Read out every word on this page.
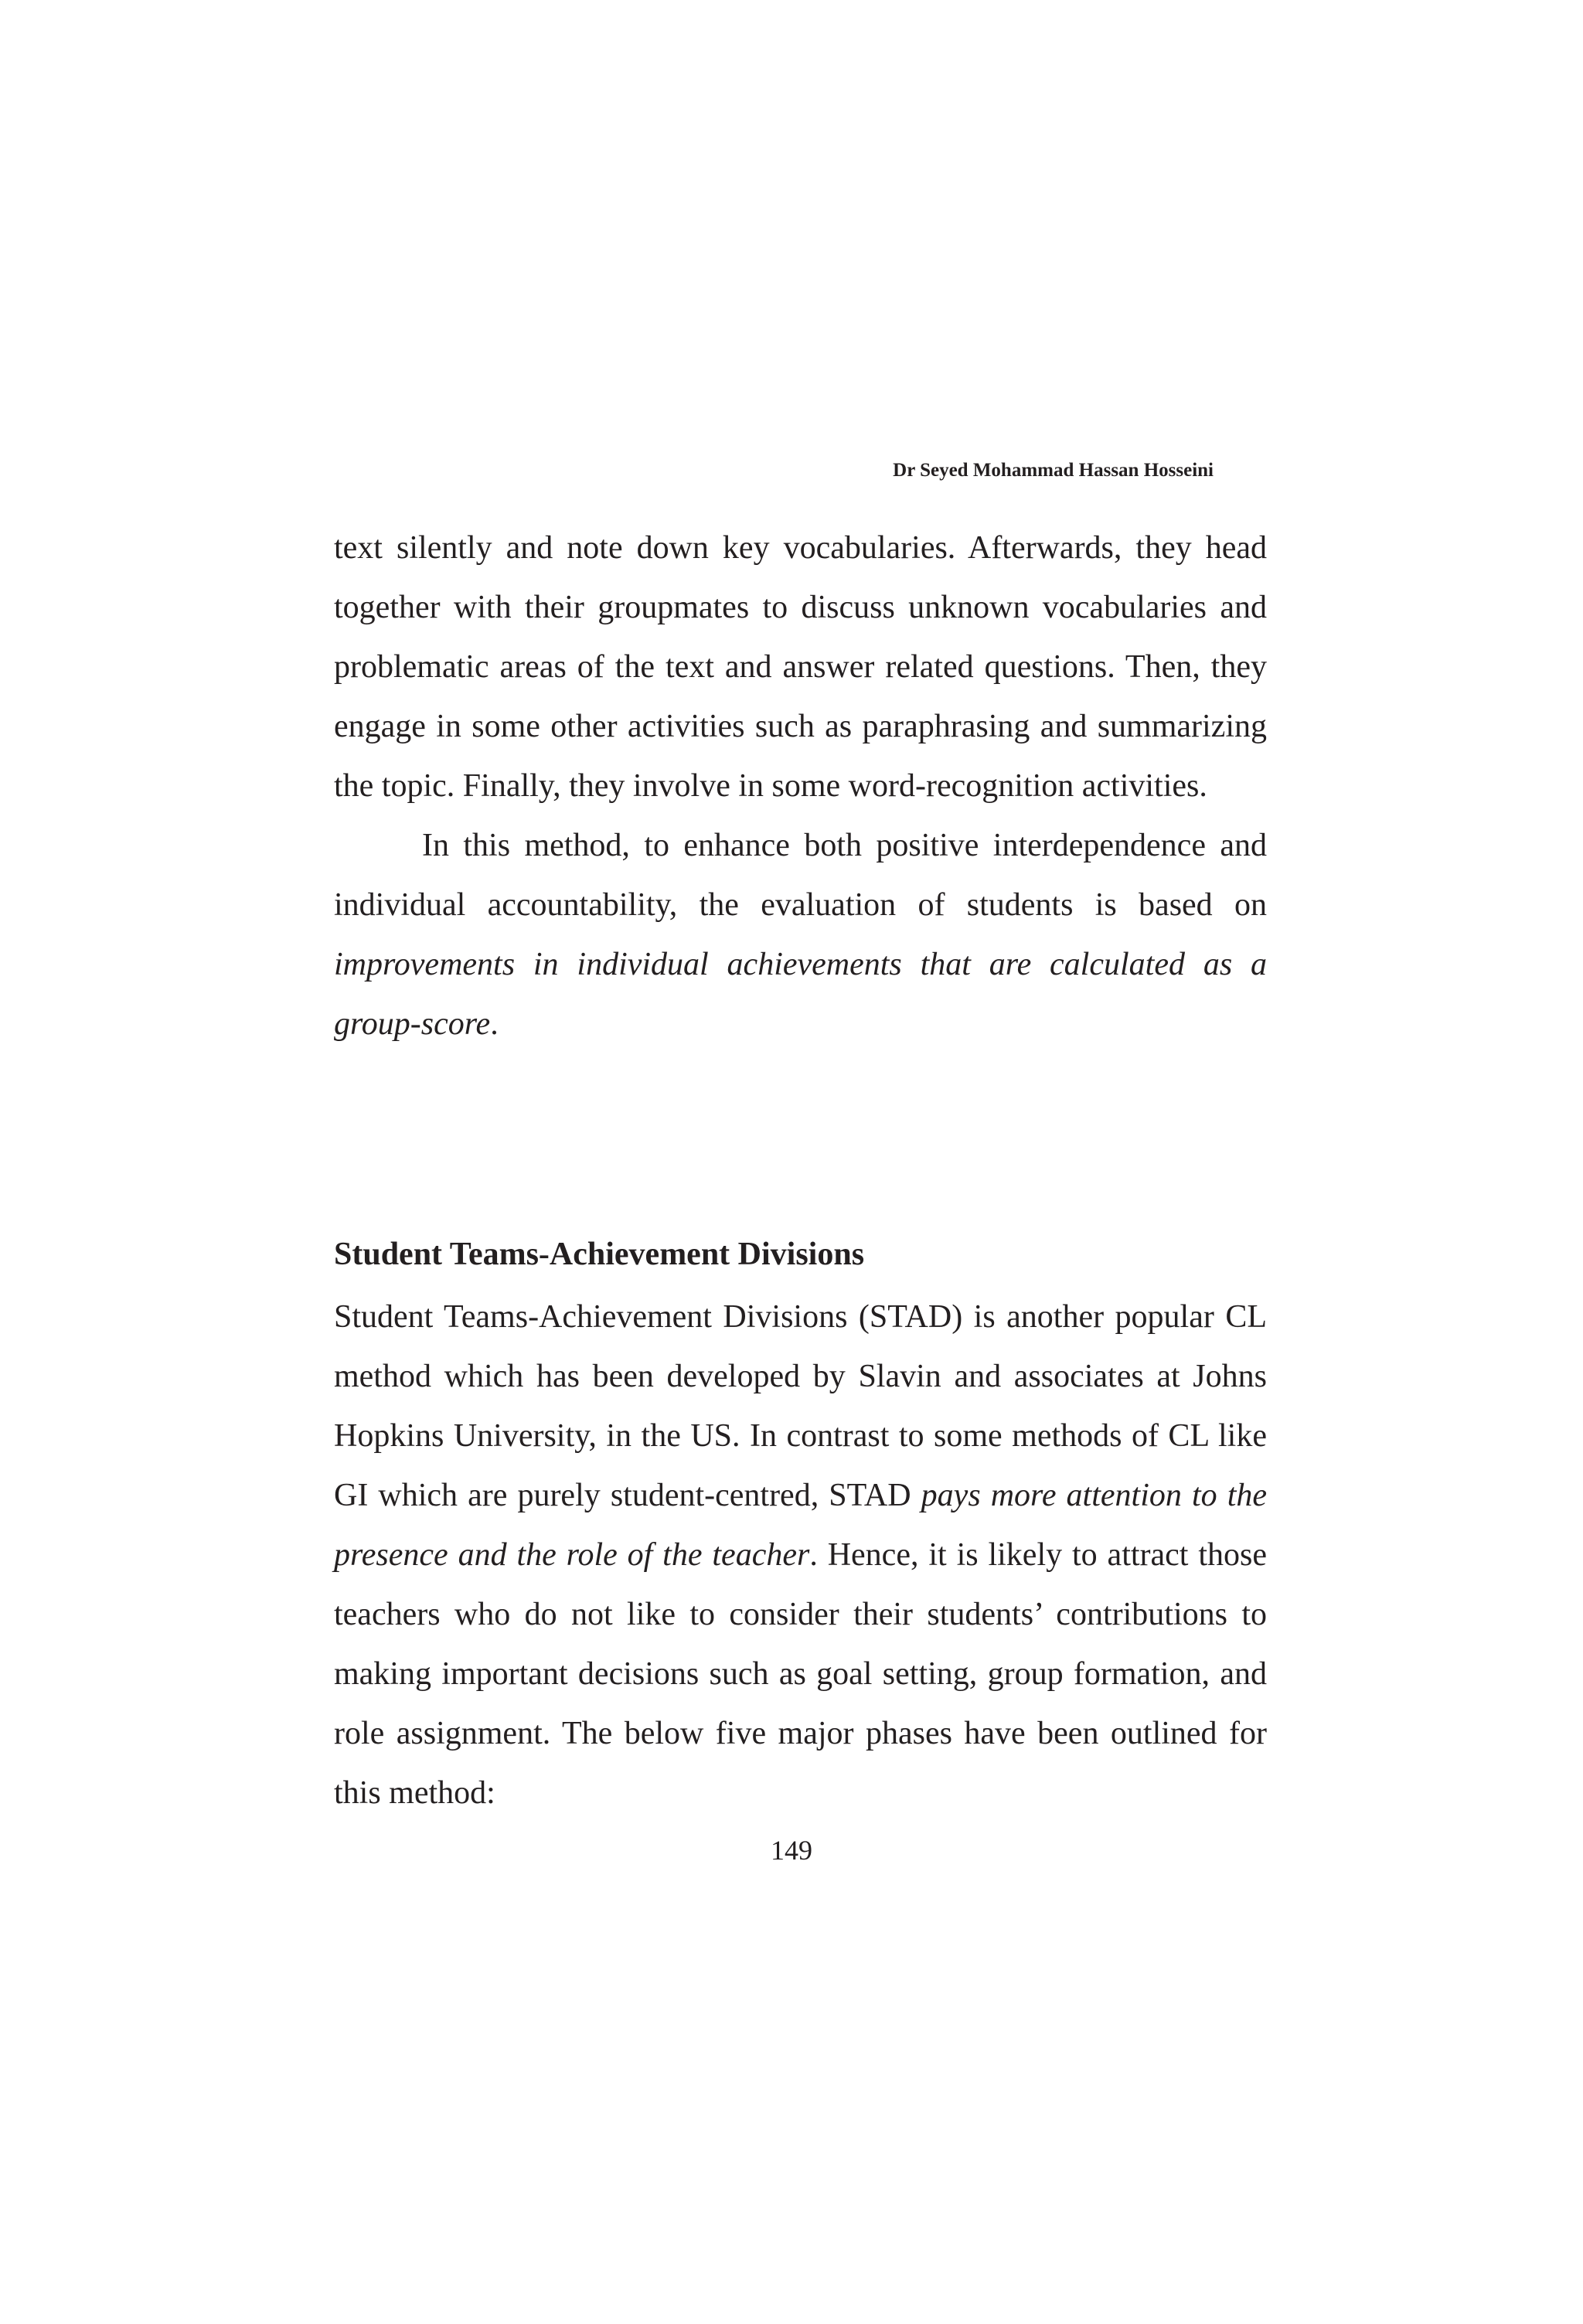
Dr Seyed Mohammad Hassan Hosseini

text silently and note down key vocabularies. Afterwards, they head together with their groupmates to discuss unknown vocabularies and problematic areas of the text and answer related questions. Then, they engage in some other activities such as paraphrasing and summarizing the topic. Finally, they involve in some word-recognition activities.

In this method, to enhance both positive interdependence and individual accountability, the evaluation of students is based on improvements in individual achievements that are calculated as a group-score.

Student Teams-Achievement Divisions

Student Teams-Achievement Divisions (STAD) is another popular CL method which has been developed by Slavin and associates at Johns Hopkins University, in the US. In contrast to some methods of CL like GI which are purely student-centred, STAD pays more attention to the presence and the role of the teacher. Hence, it is likely to attract those teachers who do not like to consider their students’ contributions to making important decisions such as goal setting, group formation, and role assignment. The below five major phases have been outlined for this method:

149
